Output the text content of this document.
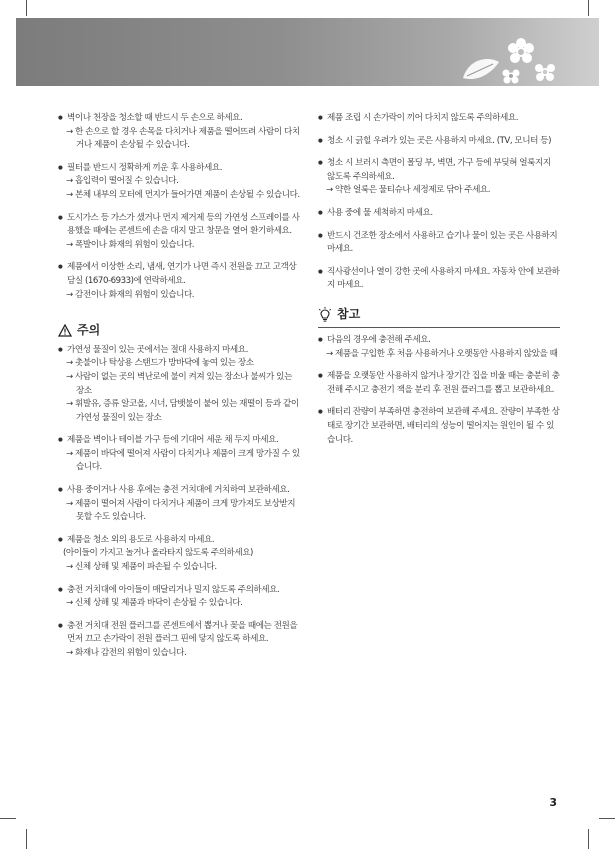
● 벽이나 천장을 청소할 때 반드시 두 손으로 하세요.
→ 한 손으로 할 경우 손목을 다치거나 제품을 떨어뜨려 사람이 다치거나 제품이 손상될 수 있습니다.
● 필터를 반드시 정확하게 끼운 후 사용하세요.
→ 흡입력이 떨어질 수 있습니다.
→ 본체 내부의 모터에 먼지가 들어가면 제품이 손상될 수 있습니다.
● 도시가스 등 가스가 샜거나 먼지 제거제 등의 가연성 스프레이를 사용했을 때에는 콘센트에 손을 대지 말고 창문을 열어 환기하세요.
→ 폭발이나 화재의 위험이 있습니다.
● 제품에서 이상한 소리, 냄새, 연기가 나면 즉시 전원을 끄고 고객상담실 (1670-6933)에 연락하세요.
→ 감전이나 화재의 위험이 있습니다.
주의
● 가연성 물질이 있는 곳에서는 절대 사용하지 마세요.
→ 촛불이나 탁상용 스탠드가 방바닥에 놓여 있는 장소
→ 사람이 없는 곳의 벽난로에 불이 켜져 있는 장소나 불씨가 있는 장소
→ 휘발유, 증류 알코올, 시너, 담뱃불이 붙어 있는 재떨이 등과 같이 가연성 물질이 있는 장소
● 제품을 벽이나 테이블 가구 등에 기대어 세운 채 두지 마세요.
→ 제품이 바닥에 떨어져 사람이 다치거나 제품이 크게 망가질 수 있습니다.
● 사용 중이거나 사용 후에는 충전 거치대에 거치하여 보관하세요.
→ 제품이 떨어져 사람이 다치거나 제품이 크게 망가져도 보상받지 못할 수도 있습니다.
● 제품을 청소 외의 용도로 사용하지 마세요.
(아이들이 가지고 놀거나 올라타지 않도록 주의하세요)
→ 신체 상해 및 제품이 파손될 수 있습니다.
● 충전 거치대에 아이들이 매달리거나 밀지 않도록 주의하세요.
→ 신체 상해 및 제품과 바닥이 손상될 수 있습니다.
● 충전 거치대 전원 플러그를 콘센트에서 뽑거나 꽂을 때에는 전원을 먼저 끄고 손가락이 전원 플러그 핀에 닿지 않도록 하세요.
→ 화재나 감전의 위험이 있습니다.
● 제품 조립 시 손가락이 끼어 다치지 않도록 주의하세요.
● 청소 시 긁힐 우려가 있는 곳은 사용하지 마세요. (TV, 모니터 등)
● 청소 시 브러시 측면이 몰딩 부, 벽면, 가구 등에 부딪혀 얼룩지지 않도록 주의하세요.
→ 약한 얼룩은 물티슈나 세정제로 닦아 주세요.
● 사용 중에 물 세척하지 마세요.
● 반드시 건조한 장소에서 사용하고 습기나 물이 있는 곳은 사용하지 마세요.
● 직사광선이나 열이 강한 곳에 사용하지 마세요. 자동차 안에 보관하지 마세요.
참고
● 다음의 경우에 충전해 주세요.
→ 제품을 구입한 후 처음 사용하거나 오랫동안 사용하지 않았을 때
● 제품을 오랫동안 사용하지 않거나 장기간 집을 비울 때는 충분히 충전해 주시고 충전기 잭을 분리 후 전원 플러그를 뽑고 보관하세요.
● 배터리 잔량이 부족하면 충전하여 보관해 주세요. 잔량이 부족한 상태로 장기간 보관하면, 배터리의 성능이 떨어지는 원인이 될 수 있습니다.
3
